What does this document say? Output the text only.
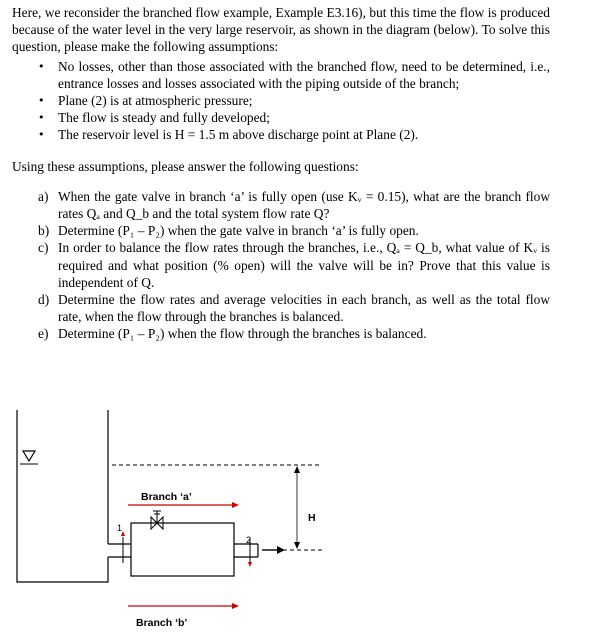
Here, we reconsider the branched flow example, Example E3.16), but this time the flow is produced because of the water level in the very large reservoir, as shown in the diagram (below). To solve this question, please make the following assumptions:
• No losses, other than those associated with the branched flow, need to be determined, i.e., entrance losses and losses associated with the piping outside of the branch;
• Plane (2) is at atmospheric pressure;
• The flow is steady and fully developed;
• The reservoir level is H = 1.5 m above discharge point at Plane (2).
Using these assumptions, please answer the following questions:
a) When the gate valve in branch ‘a’ is fully open (use Kᵥ = 0.15), what are the branch flow rates Qₐ and Q_b and the total system flow rate Q?
b) Determine (P₁ – P₂) when the gate valve in branch ‘a’ is fully open.
c) In order to balance the flow rates through the branches, i.e., Qₐ = Q_b, what value of Kᵥ is required and what position (% open) will the valve will be in? Prove that this value is independent of Q.
d) Determine the flow rates and average velocities in each branch, as well as the total flow rate, when the flow through the branches is balanced.
e) Determine (P₁ – P₂) when the flow through the branches is balanced.
Branch ‘a’
Branch ‘b’
H
1
2
